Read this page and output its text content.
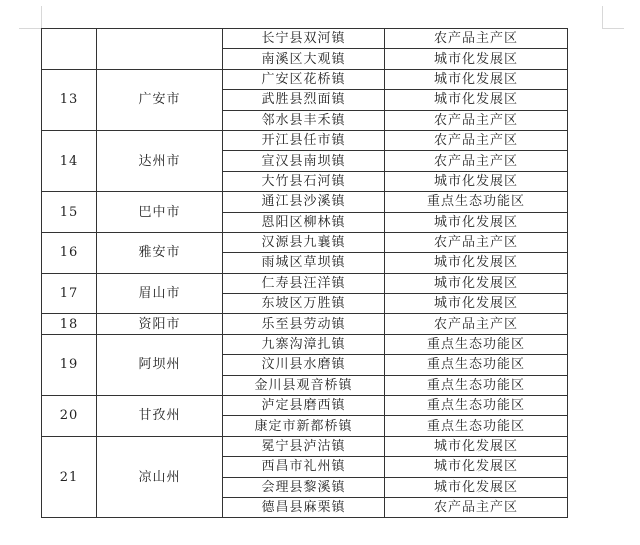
		长宁县双河镇	农产品主产区
		南溪区大观镇	城市化发展区
13	广安市	广安区花桥镇	城市化发展区
		武胜县烈面镇	城市化发展区
		邻水县丰禾镇	农产品主产区
14	达州市	开江县任市镇	农产品主产区
		宣汉县南坝镇	农产品主产区
		大竹县石河镇	城市化发展区
15	巴中市	通江县沙溪镇	重点生态功能区
		恩阳区柳林镇	城市化发展区
16	雅安市	汉源县九襄镇	农产品主产区
		雨城区草坝镇	城市化发展区
17	眉山市	仁寿县汪洋镇	城市化发展区
		东坡区万胜镇	城市化发展区
18	资阳市	乐至县劳动镇	农产品主产区
19	阿坝州	九寨沟漳扎镇	重点生态功能区
		汶川县水磨镇	重点生态功能区
		金川县观音桥镇	重点生态功能区
20	甘孜州	泸定县磨西镇	重点生态功能区
		康定市新都桥镇	重点生态功能区
21	凉山州	冕宁县泸沽镇	城市化发展区
		西昌市礼州镇	城市化发展区
		会理县黎溪镇	城市化发展区
		德昌县麻栗镇	农产品主产区
